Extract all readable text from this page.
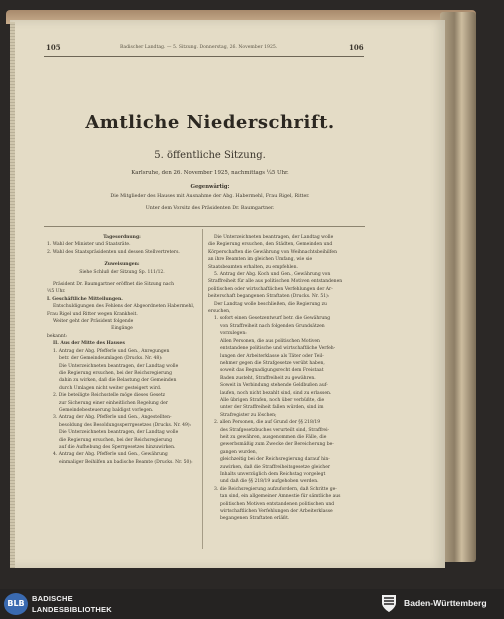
105	Badischer Landtag. — 5. Sitzung. Donnerstag, 26. November 1925.	106
Amtliche Niederschrift.
5. öffentliche Sitzung.
Karlsruhe, den 26. November 1925, nachmittags ¼5 Uhr.
Gegenwärtig:
Die Mitglieder des Hauses mit Ausnahme der Abg. Habermehl, Frau Rigel, Ritter.
Unter dem Vorsitz des Präsidenten Dr. Baumgartner.
Tagesordnung:
1. Wahl der Minister und Staatsräte.
2. Wahl des Staatspräsidenten und dessen Stellvertreters.
Zuweisungen:
Siehe Schluß der Sitzung Sp. 111/12.
Präsident Dr. Baumgartner eröffnet die Sitzung nach
½5 Uhr.
I. Geschäftliche Mitteilungen.
Entschuldigungen des Fehlens der Abgeordneten Habermehl,
Frau Rigel und Ritter wegen Krankheit.
Weiter geht der Präsident folgende
Eingänge
bekannt:
II. Aus der Mitte des Hauses
1. Antrag der Abg. Pfefferle und Gen., Anregungen
betr. der Gemeindeumlagen (Drucks. Nr. 48):
Die Unterzeichneten beantragen, der Landtag wolle
die Regierung ersuchen, bei der Reichsregierung
dahin zu wirken, daß die Belastung der Gemeinden
durch Umlagen nicht weiter gesteigert wird.
2. Die beteiligte Reichsstelle möge dieses Gesetz
zur Sicherung einer einheitlichen Regelung der
Gemeindebesteuerung baldigst vorlegen.
3. Antrag der Abg. Pfefferle und Gen., Angestellten-
besoldung des Besoldungssperrgesetzes (Drucks. Nr. 49):
Die Unterzeichneten beantragen, der Landtag wolle
die Regierung ersuchen, bei der Reichsregierung
auf die Aufhebung des Sperrgesetzes hinzuwirken.
4. Antrag der Abg. Pfefferle und Gen., Gewährung
einmaliger Beihilfen an badische Beamte (Drucks. Nr. 50):
Die Unterzeichneten beantragen, der Landtag wolle
die Regierung ersuchen, den Städten, Gemeinden und
Körperschaften die Gewährung von Weihnachtsbeihilfen
an ihre Beamten im gleichen Umfang, wie sie
Staatsbeamten erhalten, zu empfehlen.
5. Antrag der Abg. Koch und Gen., Gewährung von
Straffreiheit für alle aus politischen Motiven entstandenen
politischen oder wirtschaftlichen Verfehlungen der Ar-
beiterschaft begangenen Straftaten (Drucks. Nr. 51):
Der Landtag wolle beschließen, die Regierung zu
ersuchen,
1. sofort einen Gesetzentwurf betr. die Gewährung
von Straffreiheit nach folgenden Grundsätzen
vorzulegen:
Allen Personen, die aus politischen Motiven
entstandene politische und wirtschaftliche Verfeh-
lungen der Arbeiterklasse als Täter oder Teil-
nehmer gegen die Strafgesetze verübt haben,
soweit das Begnadigungsrecht dem Freistaat
Baden zusteht, Straffreiheit zu gewähren.
Soweit in Verbindung stehende Geldbußen auf-
laufen, noch nicht bezahlt sind, sind zu erlassen.
Alle übrigen Strafen, noch über verbüßte, die
unter der Straffreiheit fallen würden, sind im
Strafregister zu löschen;
2. allen Personen, die auf Grund der §§ 218/19
des Strafgesetzbuches verurteilt sind, Straffrei-
heit zu gewähren, ausgenommen die Fälle, die
gewerbsmäßig zum Zwecke der Bereicherung be-
gangen wurden,
gleichzeitig bei der Reichsregierung darauf hin-
zuwirken, daß die Straffreiheitsgesetze gleicher
Inhalts unverzüglich dem Reichstag vorgelegt
und daß die §§ 218/19 aufgehoben werden.
3. die Reichsregierung aufzufordern, daß Schritte ge-
tan sind, ein allgemeiner Amnestie für sämtliche aus
politischen Motiven entstandenen politischen und
wirtschaftlichen Verfehlungen der Arbeiterklasse
begangenen Straftaten erläßt.
BLB
BADISCHE
LANDESBIBLIOTHEK
Baden-Württemberg
